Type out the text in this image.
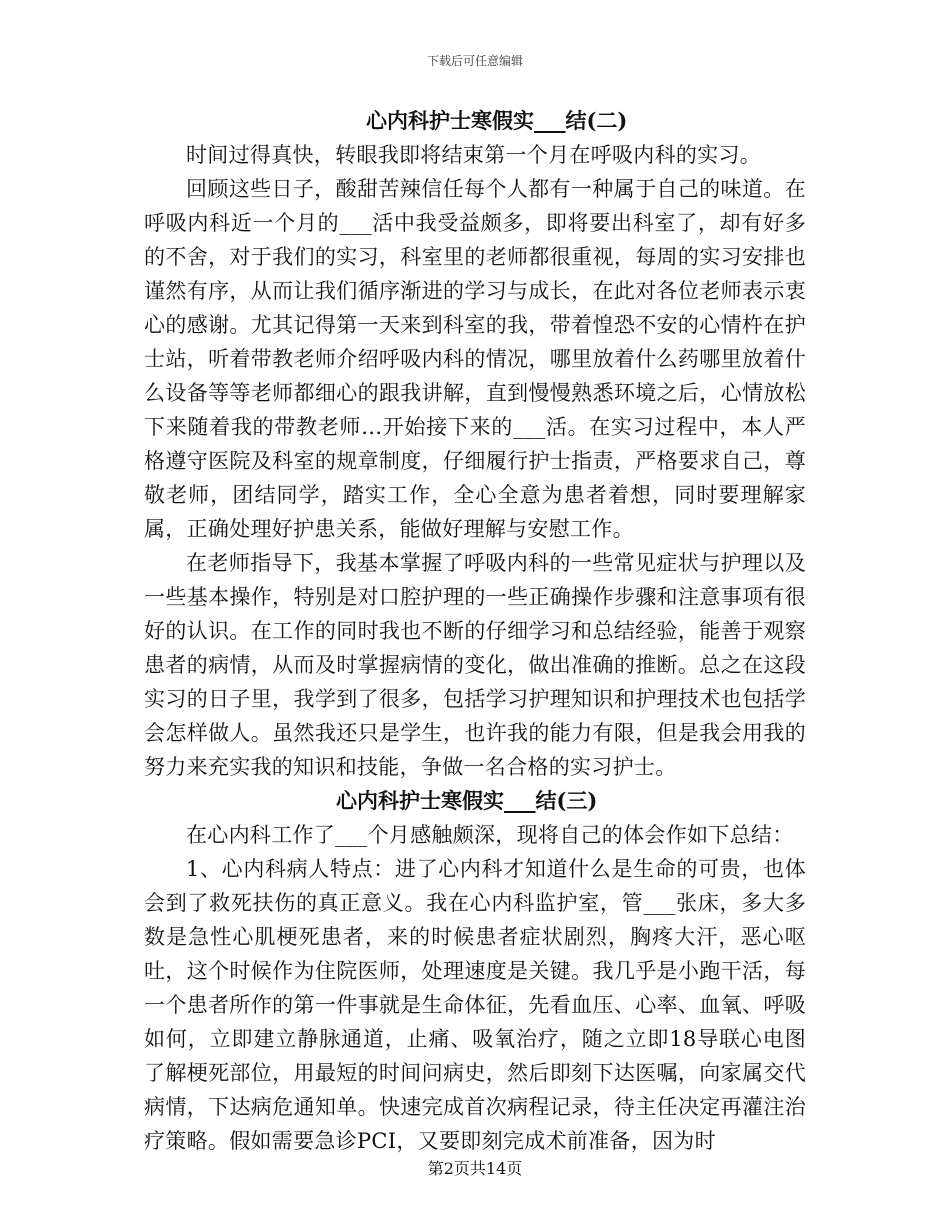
下载后可任意编辑

心内科护士寒假实___结(二)

时间过得真快，转眼我即将结束第一个月在呼吸内科的实习。

回顾这些日子，酸甜苦辣信任每个人都有一种属于自己的味道。在呼吸内科近一个月的___活中我受益颇多，即将要出科室了，却有好多的不舍，对于我们的实习，科室里的老师都很重视，每周的实习安排也谨然有序，从而让我们循序渐进的学习与成长，在此对各位老师表示衷心的感谢。尤其记得第一天来到科室的我，带着惶恐不安的心情杵在护士站，听着带教老师介绍呼吸内科的情况，哪里放着什么药哪里放着什么设备等等老师都细心的跟我讲解，直到慢慢熟悉环境之后，心情放松下来随着我的带教老师…开始接下来的___活。在实习过程中，本人严格遵守医院及科室的规章制度，仔细履行护士指责，严格要求自己，尊敬老师，团结同学，踏实工作，全心全意为患者着想，同时要理解家属，正确处理好护患关系，能做好理解与安慰工作。

在老师指导下，我基本掌握了呼吸内科的一些常见症状与护理以及一些基本操作，特别是对口腔护理的一些正确操作步骤和注意事项有很好的认识。在工作的同时我也不断的仔细学习和总结经验，能善于观察患者的病情，从而及时掌握病情的变化，做出准确的推断。总之在这段实习的日子里，我学到了很多，包括学习护理知识和护理技术也包括学会怎样做人。虽然我还只是学生，也许我的能力有限，但是我会用我的努力来充实我的知识和技能，争做一名合格的实习护士。

心内科护士寒假实___结(三)

在心内科工作了___个月感触颇深，现将自己的体会作如下总结：

1、心内科病人特点：进了心内科才知道什么是生命的可贵，也体会到了救死扶伤的真正意义。我在心内科监护室，管___张床，多大多数是急性心肌梗死患者，来的时候患者症状剧烈，胸疼大汗，恶心呕吐，这个时候作为住院医师，处理速度是关键。我几乎是小跑干活，每一个患者所作的第一件事就是生命体征，先看血压、心率、血氧、呼吸如何，立即建立静脉通道，止痛、吸氧治疗，随之立即18导联心电图了解梗死部位，用最短的时间问病史，然后即刻下达医嘱，向家属交代病情，下达病危通知单。快速完成首次病程记录，待主任决定再灌注治疗策略。假如需要急诊PCI，又要即刻完成术前准备，因为时

第2页共14页
